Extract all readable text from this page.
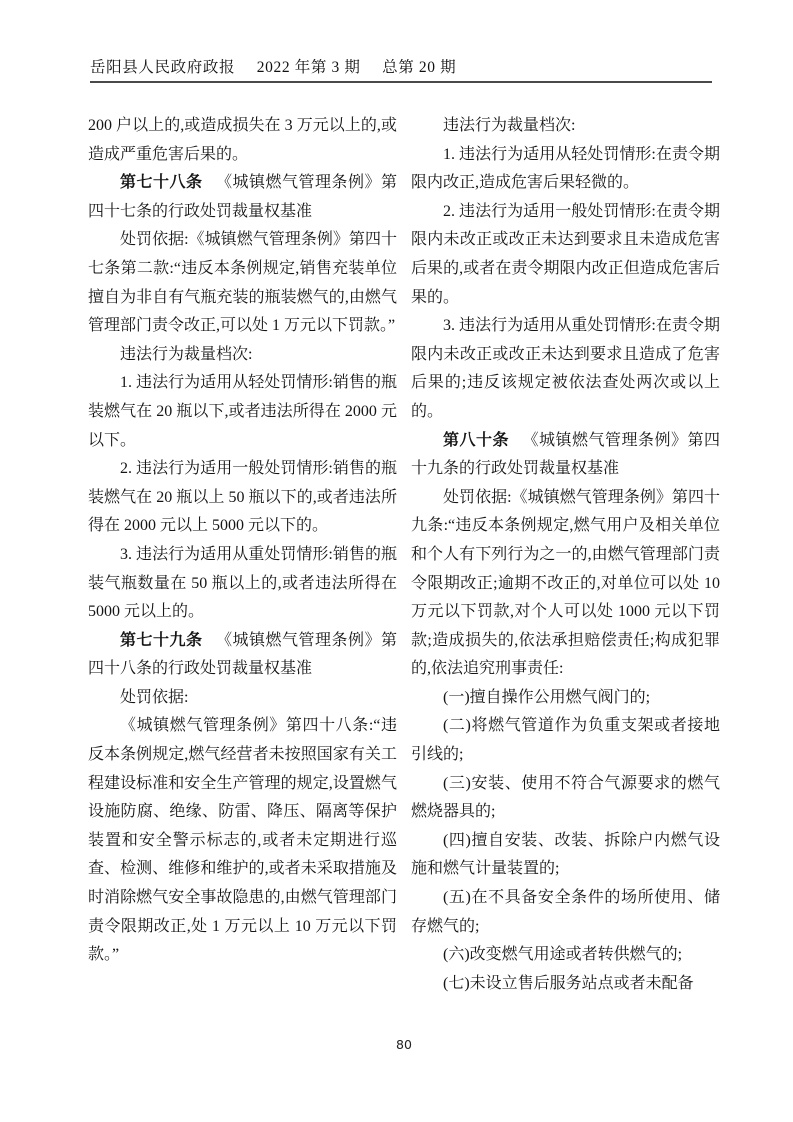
岳阳县人民政府政报 2022 年第 3 期 总第 20 期
200 户以上的,或造成损失在 3 万元以上的,或造成严重危害后果的。
第七十八条 《城镇燃气管理条例》第四十七条的行政处罚裁量权基准
处罚依据:《城镇燃气管理条例》第四十七条第二款:“违反本条例规定,销售充装单位擅自为非自有气瓶充装的瓶装燃气的,由燃气管理部门责令改正,可以处 1 万元以下罚款。”
违法行为裁量档次:
1. 违法行为适用从轻处罚情形:销售的瓶装燃气在 20 瓶以下,或者违法所得在 2000 元以下。
2. 违法行为适用一般处罚情形:销售的瓶装燃气在 20 瓶以上 50 瓶以下的,或者违法所得在 2000 元以上 5000 元以下的。
3. 违法行为适用从重处罚情形:销售的瓶装气瓶数量在 50 瓶以上的,或者违法所得在 5000 元以上的。
第七十九条 《城镇燃气管理条例》第四十八条的行政处罚裁量权基准
处罚依据:
《城镇燃气管理条例》第四十八条:“违反本条例规定,燃气经营者未按照国家有关工程建设标准和安全生产管理的规定,设置燃气设施防腐、绝缘、防雷、降压、隔离等保护装置和安全警示标志的,或者未定期进行巡查、检测、维修和维护的,或者未采取措施及时消除燃气安全事故隐患的,由燃气管理部门责令限期改正,处 1 万元以上 10 万元以下罚款。”
违法行为裁量档次:
1. 违法行为适用从轻处罚情形:在责令期限内改正,造成危害后果轻微的。
2. 违法行为适用一般处罚情形:在责令期限内未改正或改正未达到要求且未造成危害后果的,或者在责令期限内改正但造成危害后果的。
3. 违法行为适用从重处罚情形:在责令期限内未改正或改正未达到要求且造成了危害后果的;违反该规定被依法查处两次或以上的。
第八十条 《城镇燃气管理条例》第四十九条的行政处罚裁量权基准
处罚依据:《城镇燃气管理条例》第四十九条:“违反本条例规定,燃气用户及相关单位和个人有下列行为之一的,由燃气管理部门责令限期改正;逾期不改正的,对单位可以处 10 万元以下罚款,对个人可以处 1000 元以下罚款;造成损失的,依法承担赔偿责任;构成犯罪的,依法追究刑事责任:
(一)擅自操作公用燃气阀门的;
(二)将燃气管道作为负重支架或者接地引线的;
(三)安装、使用不符合气源要求的燃气燃烧器具的;
(四)擅自安装、改装、拆除户内燃气设施和燃气计量装置的;
(五)在不具备安全条件的场所使用、储存燃气的;
(六)改变燃气用途或者转供燃气的;
(七)未设立售后服务站点或者未配备
80
